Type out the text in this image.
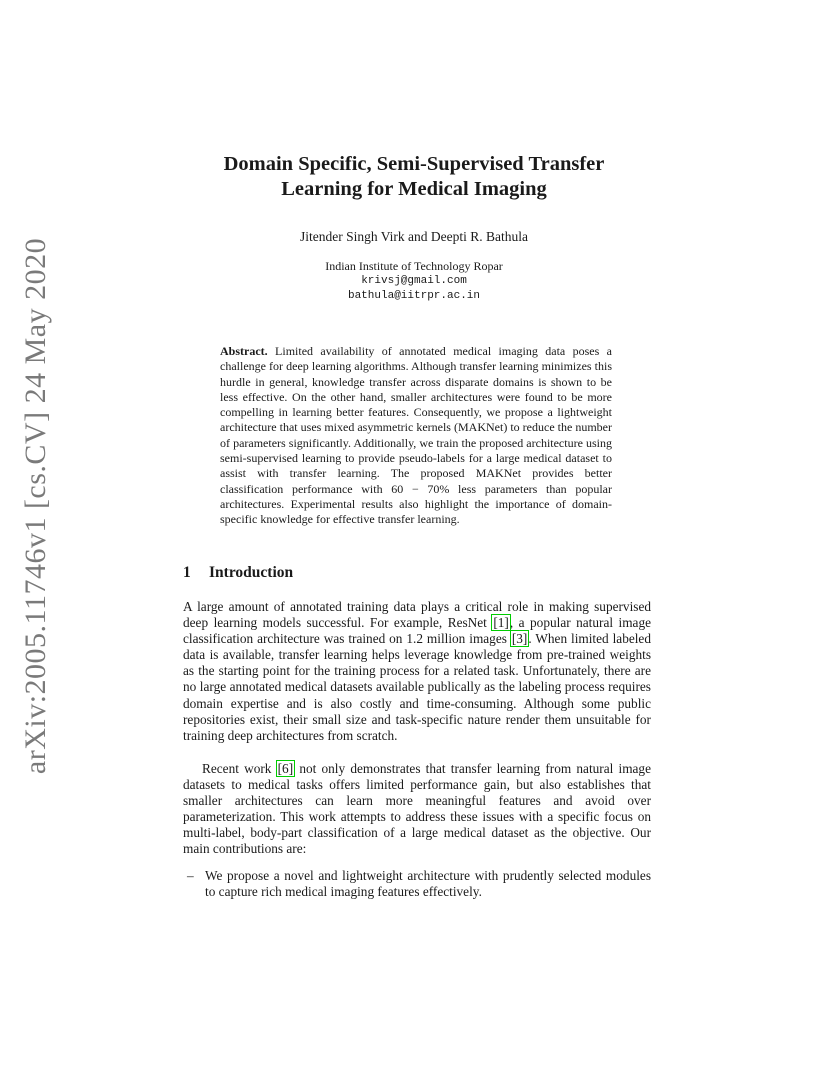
arXiv:2005.11746v1 [cs.CV] 24 May 2020
Domain Specific, Semi-Supervised Transfer
Learning for Medical Imaging
Jitender Singh Virk and Deepti R. Bathula
Indian Institute of Technology Ropar
krivsj@gmail.com
bathula@iitrpr.ac.in

Abstract. Limited availability of annotated medical imaging data poses a challenge for deep learning algorithms. Although transfer learning minimizes this hurdle in general, knowledge transfer across disparate domains is shown to be less effective. On the other hand, smaller architectures were found to be more compelling in learning better features. Consequently, we propose a lightweight architecture that uses mixed asymmetric kernels (MAKNet) to reduce the number of parameters significantly. Additionally, we train the proposed architecture using semi-supervised learning to provide pseudo-labels for a large medical dataset to assist with transfer learning. The proposed MAKNet provides better classification performance with 60 − 70% less parameters than popular architectures. Experimental results also highlight the importance of domain-specific knowledge for effective transfer learning.

1 Introduction

A large amount of annotated training data plays a critical role in making supervised deep learning models successful. For example, ResNet [1], a popular natural image classification architecture was trained on 1.2 million images [3]. When limited labeled data is available, transfer learning helps leverage knowledge from pre-trained weights as the starting point for the training process for a related task. Unfortunately, there are no large annotated medical datasets available publically as the labeling process requires domain expertise and is also costly and time-consuming. Although some public repositories exist, their small size and task-specific nature render them unsuitable for training deep architectures from scratch.

Recent work [6] not only demonstrates that transfer learning from natural image datasets to medical tasks offers limited performance gain, but also establishes that smaller architectures can learn more meaningful features and avoid over parameterization. This work attempts to address these issues with a specific focus on multi-label, body-part classification of a large medical dataset as the objective. Our main contributions are:

– We propose a novel and lightweight architecture with prudently selected modules to capture rich medical imaging features effectively.
